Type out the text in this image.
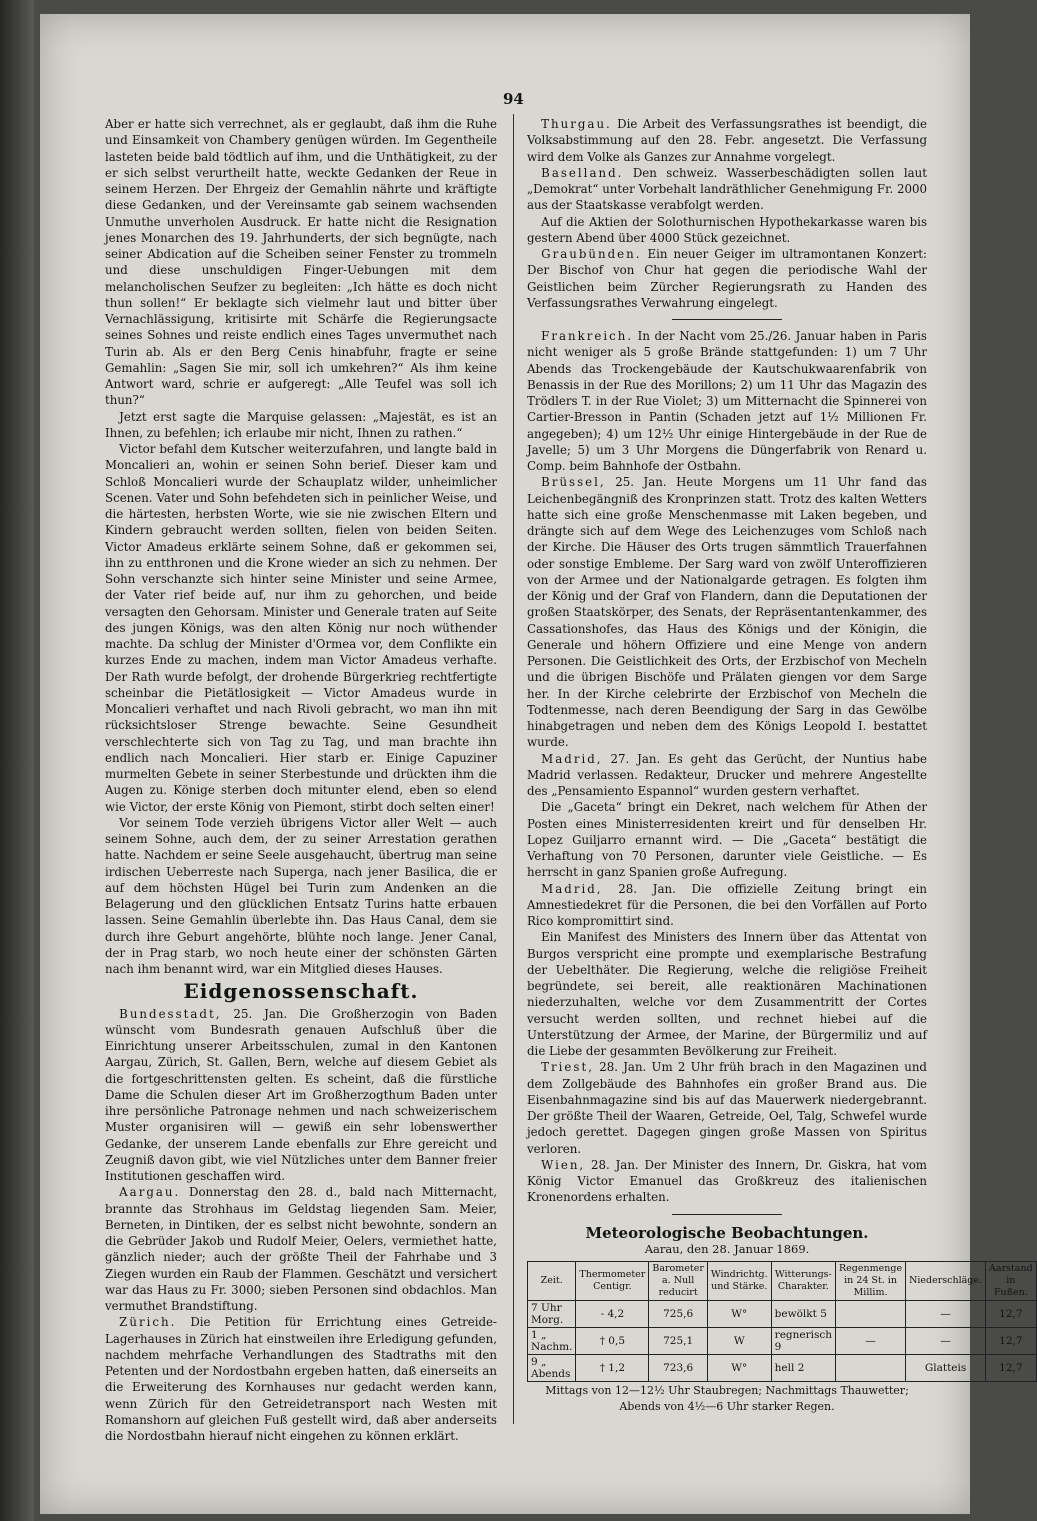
94

Aber er hatte sich verrechnet, als er geglaubt, daß ihm die Ruhe und Einsamkeit von Chambery genügen würden. Im Gegentheile lasteten beide bald tödtlich auf ihm, und die Unthätigkeit, zu der er sich selbst verurtheilt hatte, weckte Gedanken der Reue in seinem Herzen. Der Ehrgeiz der Gemahlin nährte und kräftigte diese Gedanken, und der Vereinsamte gab seinem wachsenden Unmuthe unverholen Ausdruck. Er hatte nicht die Resignation jenes Monarchen des 19. Jahrhunderts, der sich begnügte, nach seiner Abdication auf die Scheiben seiner Fenster zu trommeln und diese unschuldigen Finger-Uebungen mit dem melancholischen Seufzer zu begleiten: „Ich hätte es doch nicht thun sollen!“ Er beklagte sich vielmehr laut und bitter über Vernachlässigung, kritisirte mit Schärfe die Regierungsacte seines Sohnes und reiste endlich eines Tages unvermuthet nach Turin ab. Als er den Berg Cenis hinabfuhr, fragte er seine Gemahlin: „Sagen Sie mir, soll ich umkehren?“ Als ihm keine Antwort ward, schrie er aufgeregt: „Alle Teufel was soll ich thun?“

Jetzt erst sagte die Marquise gelassen: „Majestät, es ist an Ihnen, zu befehlen; ich erlaube mir nicht, Ihnen zu rathen.“

Victor befahl dem Kutscher weiterzufahren, und langte bald in Moncalieri an, wohin er seinen Sohn berief. Dieser kam und Schloß Moncalieri wurde der Schauplatz wilder, unheimlicher Scenen. Vater und Sohn befehdeten sich in peinlicher Weise, und die härtesten, herbsten Worte, wie sie nie zwischen Eltern und Kindern gebraucht werden sollten, fielen von beiden Seiten. Victor Amadeus erklärte seinem Sohne, daß er gekommen sei, ihn zu entthronen und die Krone wieder an sich zu nehmen. Der Sohn verschanzte sich hinter seine Minister und seine Armee, der Vater rief beide auf, nur ihm zu gehorchen, und beide versagten den Gehorsam. Minister und Generale traten auf Seite des jungen Königs, was den alten König nur noch wüthender machte. Da schlug der Minister d'Ormea vor, dem Conflikte ein kurzes Ende zu machen, indem man Victor Amadeus verhafte. Der Rath wurde befolgt, der drohende Bürgerkrieg rechtfertigte scheinbar die Pietätlosigkeit — Victor Amadeus wurde in Moncalieri verhaftet und nach Rivoli gebracht, wo man ihn mit rücksichtsloser Strenge bewachte. Seine Gesundheit verschlechterte sich von Tag zu Tag, und man brachte ihn endlich nach Moncalieri. Hier starb er. Einige Capuziner murmelten Gebete in seiner Sterbestunde und drückten ihm die Augen zu. Könige sterben doch mitunter elend, eben so elend wie Victor, der erste König von Piemont, stirbt doch selten einer!

Vor seinem Tode verzieh übrigens Victor aller Welt — auch seinem Sohne, auch dem, der zu seiner Arrestation gerathen hatte. Nachdem er seine Seele ausgehaucht, übertrug man seine irdischen Ueberreste nach Superga, nach jener Basilica, die er auf dem höchsten Hügel bei Turin zum Andenken an die Belagerung und den glücklichen Entsatz Turins hatte erbauen lassen. Seine Gemahlin überlebte ihn. Das Haus Canal, dem sie durch ihre Geburt angehörte, blühte noch lange. Jener Canal, der in Prag starb, wo noch heute einer der schönsten Gärten nach ihm benannt wird, war ein Mitglied dieses Hauses.

Eidgenossenschaft.

Bundesstadt, 25. Jan. Die Großherzogin von Baden wünscht vom Bundesrath genauen Aufschluß über die Einrichtung unserer Arbeitsschulen, zumal in den Kantonen Aargau, Zürich, St. Gallen, Bern, welche auf diesem Gebiet als die fortgeschrittensten gelten. Es scheint, daß die fürstliche Dame die Schulen dieser Art im Großherzogthum Baden unter ihre persönliche Patronage nehmen und nach schweizerischem Muster organisiren will — gewiß ein sehr lobenswerther Gedanke, der unserem Lande ebenfalls zur Ehre gereicht und Zeugniß davon gibt, wie viel Nützliches unter dem Banner freier Institutionen geschaffen wird.

Aargau. Donnerstag den 28. d., bald nach Mitternacht, brannte das Strohhaus im Geldstag liegenden Sam. Meier, Berneten, in Dintiken, der es selbst nicht bewohnte, sondern an die Gebrüder Jakob und Rudolf Meier, Oelers, vermiethet hatte, gänzlich nieder; auch der größte Theil der Fahrhabe und 3 Ziegen wurden ein Raub der Flammen. Geschätzt und versichert war das Haus zu Fr. 3000; sieben Personen sind obdachlos. Man vermuthet Brandstiftung.

Zürich. Die Petition für Errichtung eines Getreide-Lagerhauses in Zürich hat einstweilen ihre Erledigung gefunden, nachdem mehrfache Verhandlungen des Stadtraths mit den Petenten und der Nordostbahn ergeben hatten, daß einerseits an die Erweiterung des Kornhauses nur gedacht werden kann, wenn Zürich für den Getreidetransport nach Westen mit Romanshorn auf gleichen Fuß gestellt wird, daß aber anderseits die Nordostbahn hierauf nicht eingehen zu können erklärt.

Thurgau. Die Arbeit des Verfassungsrathes ist beendigt, die Volksabstimmung auf den 28. Febr. angesetzt. Die Verfassung wird dem Volke als Ganzes zur Annahme vorgelegt.

Baselland. Den schweiz. Wasserbeschädigten sollen laut „Demokrat“ unter Vorbehalt landräthlicher Genehmigung Fr. 2000 aus der Staatskasse verabfolgt werden.

Auf die Aktien der Solothurnischen Hypothekarkasse waren bis gestern Abend über 4000 Stück gezeichnet.

Graubünden. Ein neuer Geiger im ultramontanen Konzert: Der Bischof von Chur hat gegen die periodische Wahl der Geistlichen beim Zürcher Regierungsrath zu Handen des Verfassungsrathes Verwahrung eingelegt.

Frankreich. In der Nacht vom 25./26. Januar haben in Paris nicht weniger als 5 große Brände stattgefunden: 1) um 7 Uhr Abends das Trockengebäude der Kautschukwaarenfabrik von Benassis in der Rue des Morillons; 2) um 11 Uhr das Magazin des Trödlers T. in der Rue Violet; 3) um Mitternacht die Spinnerei von Cartier-Bresson in Pantin (Schaden jetzt auf 1½ Millionen Fr. angegeben); 4) um 12½ Uhr einige Hintergebäude in der Rue de Javelle; 5) um 3 Uhr Morgens die Düngerfabrik von Renard u. Comp. beim Bahnhofe der Ostbahn.

Brüssel, 25. Jan. Heute Morgens um 11 Uhr fand das Leichenbegängniß des Kronprinzen statt. Trotz des kalten Wetters hatte sich eine große Menschenmasse mit Laken begeben, und drängte sich auf dem Wege des Leichenzuges vom Schloß nach der Kirche. Die Häuser des Orts trugen sämmtlich Trauerfahnen oder sonstige Embleme. Der Sarg ward von zwölf Unteroffizieren von der Armee und der Nationalgarde getragen. Es folgten ihm der König und der Graf von Flandern, dann die Deputationen der großen Staatskörper, des Senats, der Repräsentantenkammer, des Cassationshofes, das Haus des Königs und der Königin, die Generale und höhern Offiziere und eine Menge von andern Personen. Die Geistlichkeit des Orts, der Erzbischof von Mecheln und die übrigen Bischöfe und Prälaten giengen vor dem Sarge her. In der Kirche celebrirte der Erzbischof von Mecheln die Todtenmesse, nach deren Beendigung der Sarg in das Gewölbe hinabgetragen und neben dem des Königs Leopold I. bestattet wurde.

Madrid, 27. Jan. Es geht das Gerücht, der Nuntius habe Madrid verlassen. Redakteur, Drucker und mehrere Angestellte des „Pensamiento Espannol“ wurden gestern verhaftet.

Die „Gaceta“ bringt ein Dekret, nach welchem für Athen der Posten eines Ministerresidenten kreirt und für denselben Hr. Lopez Guiljarro ernannt wird. — Die „Gaceta“ bestätigt die Verhaftung von 70 Personen, darunter viele Geistliche. — Es herrscht in ganz Spanien große Aufregung.

Madrid, 28. Jan. Die offizielle Zeitung bringt ein Amnestiedekret für die Personen, die bei den Vorfällen auf Porto Rico kompromittirt sind.

Ein Manifest des Ministers des Innern über das Attentat von Burgos verspricht eine prompte und exemplarische Bestrafung der Uebelthäter. Die Regierung, welche die religiöse Freiheit begründete, sei bereit, alle reaktionären Machinationen niederzuhalten, welche vor dem Zusammentritt der Cortes versucht werden sollten, und rechnet hiebei auf die Unterstützung der Armee, der Marine, der Bürgermiliz und auf die Liebe der gesammten Bevölkerung zur Freiheit.

Triest, 28. Jan. Um 2 Uhr früh brach in den Magazinen und dem Zollgebäude des Bahnhofes ein großer Brand aus. Die Eisenbahnmagazine sind bis auf das Mauerwerk niedergebrannt. Der größte Theil der Waaren, Getreide, Oel, Talg, Schwefel wurde jedoch gerettet. Dagegen gingen große Massen von Spiritus verloren.

Wien, 28. Jan. Der Minister des Innern, Dr. Giskra, hat vom König Victor Emanuel das Großkreuz des italienischen Kronenordens erhalten.

Meteorologische Beobachtungen.
Aarau, den 28. Januar 1869.
Zeit.	Thermometer Centigr.	Barometer a. Null reducirt	Windrichtg. und Stärke.	Witterungs-Charakter.	Regenmenge in 24 St. in Millim.	Niederschläge.	Aarstand in Fußen.
7 Uhr Morg.	- 4,2	725,6	W°	bewölkt 5		—	12,7
1 „ Nachm.	† 0,5	725,1	W	regnerisch 9	—	—	12,7
9 „ Abends	† 1,2	723,6	W°	hell 2		Glatteis	12,7
Mittags von 12—12½ Uhr Staubregen; Nachmittags Thauwetter;
Abends von 4½—6 Uhr starker Regen.
